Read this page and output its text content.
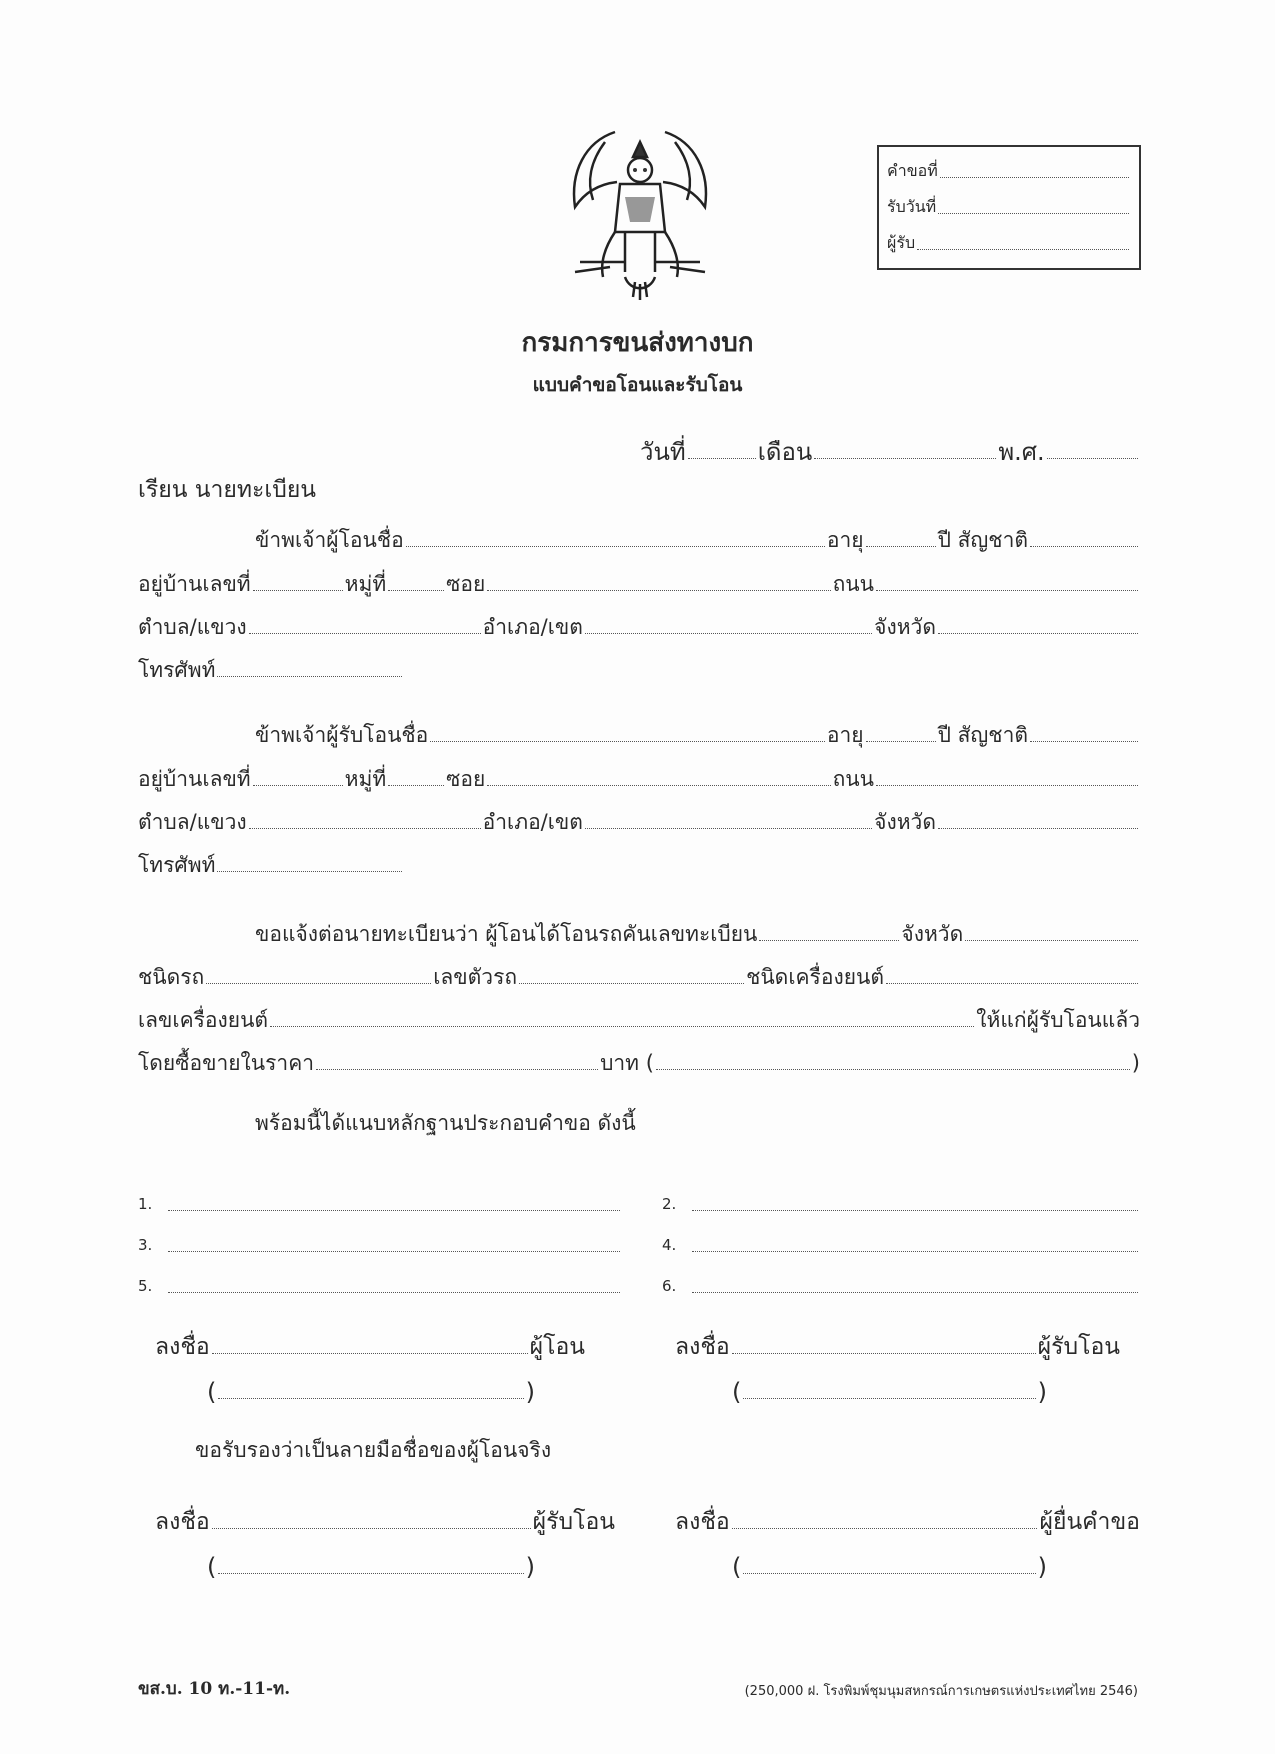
คำขอที่
รับวันที่
ผู้รับ
กรมการขนส่งทางบก
แบบคำขอโอนและรับโอน
วันที่	เดือน	พ.ศ.
เรียน นายทะเบียน
ข้าพเจ้าผู้โอนชื่อ	อายุ	ปี สัญชาติ
อยู่บ้านเลขที่	หมู่ที่	ซอย	ถนน
ตำบล/แขวง	อำเภอ/เขต	จังหวัด
โทรศัพท์
ข้าพเจ้าผู้รับโอนชื่อ	อายุ	ปี สัญชาติ
อยู่บ้านเลขที่	หมู่ที่	ซอย	ถนน
ตำบล/แขวง	อำเภอ/เขต	จังหวัด
โทรศัพท์
ขอแจ้งต่อนายทะเบียนว่า ผู้โอนได้โอนรถคันเลขทะเบียน	จังหวัด
ชนิดรถ	เลขตัวรถ	ชนิดเครื่องยนต์
เลขเครื่องยนต์	ให้แก่ผู้รับโอนแล้ว
โดยซื้อขายในราคา	บาท (	)
พร้อมนี้ได้แนบหลักฐานประกอบคำขอ ดังนี้
1.	2.
3.	4.
5.	6.
ลงชื่อ	ผู้โอน
(	)
ลงชื่อ	ผู้รับโอน
(	)
ขอรับรองว่าเป็นลายมือชื่อของผู้โอนจริง
ลงชื่อ	ผู้รับโอน
(	)
ลงชื่อ	ผู้ยื่นคำขอ
(	)
ขส.บ. 10 ท.-11-ท.	(250,000 ฝ. โรงพิมพ์ชุมนุมสหกรณ์การเกษตรแห่งประเทศไทย 2546)
